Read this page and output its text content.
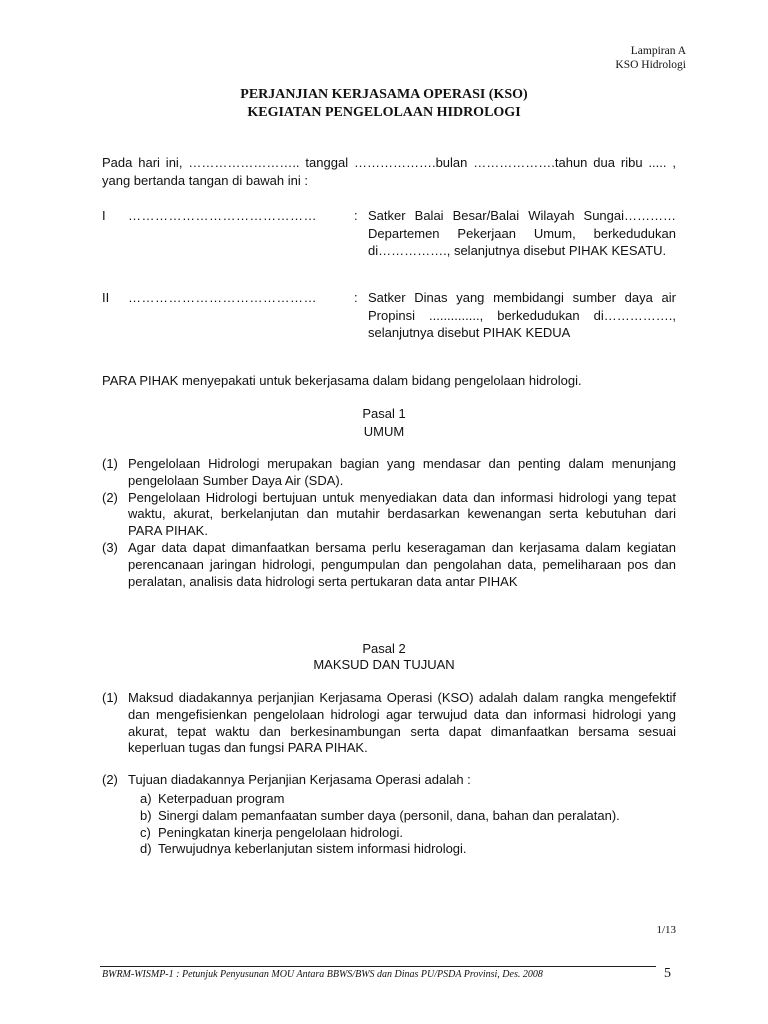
Lampiran A
KSO Hidrologi
PERJANJIAN KERJASAMA OPERASI (KSO)
KEGIATAN PENGELOLAAN HIDROLOGI
Pada hari ini, …………………….. tanggal ……………….bulan ……………….tahun dua ribu ..... , yang bertanda tangan di bawah ini :
I ……………………………………	: Satker Balai Besar/Balai Wilayah Sungai………… Departemen Pekerjaan Umum, berkedudukan di……………., selanjutnya disebut PIHAK KESATU.
II ……………………………………	: Satker Dinas yang membidangi sumber daya air Propinsi .............., berkedudukan di……………., selanjutnya disebut PIHAK KEDUA
PARA PIHAK menyepakati untuk bekerjasama dalam bidang pengelolaan hidrologi.
Pasal 1
UMUM
(1) Pengelolaan Hidrologi merupakan bagian yang mendasar dan penting dalam menunjang pengelolaan Sumber Daya Air (SDA).
(2) Pengelolaan Hidrologi bertujuan untuk menyediakan data dan informasi hidrologi yang tepat waktu, akurat, berkelanjutan dan mutahir berdasarkan kewenangan serta kebutuhan dari PARA PIHAK.
(3) Agar data dapat dimanfaatkan bersama perlu keseragaman dan kerjasama dalam kegiatan perencanaan jaringan hidrologi, pengumpulan dan pengolahan data, pemeliharaan pos dan peralatan, analisis data hidrologi serta pertukaran data antar PIHAK
Pasal 2
MAKSUD DAN TUJUAN
(1) Maksud diadakannya perjanjian Kerjasama Operasi (KSO) adalah dalam rangka mengefektif dan mengefisienkan pengelolaan hidrologi agar terwujud data dan informasi hidrologi yang akurat, tepat waktu dan berkesinambungan serta dapat dimanfaatkan bersama sesuai keperluan tugas dan fungsi PARA PIHAK.
(2) Tujuan diadakannya Perjanjian Kerjasama Operasi adalah :
a) Keterpaduan program
b) Sinergi dalam pemanfaatan sumber daya (personil, dana, bahan dan peralatan).
c) Peningkatan kinerja pengelolaan hidrologi.
d) Terwujudnya keberlanjutan sistem informasi hidrologi.
1/13
BWRM-WISMP-1 : Petunjuk Penyusunan MOU Antara BBWS/BWS dan Dinas PU/PSDA Provinsi, Des. 2008	5
